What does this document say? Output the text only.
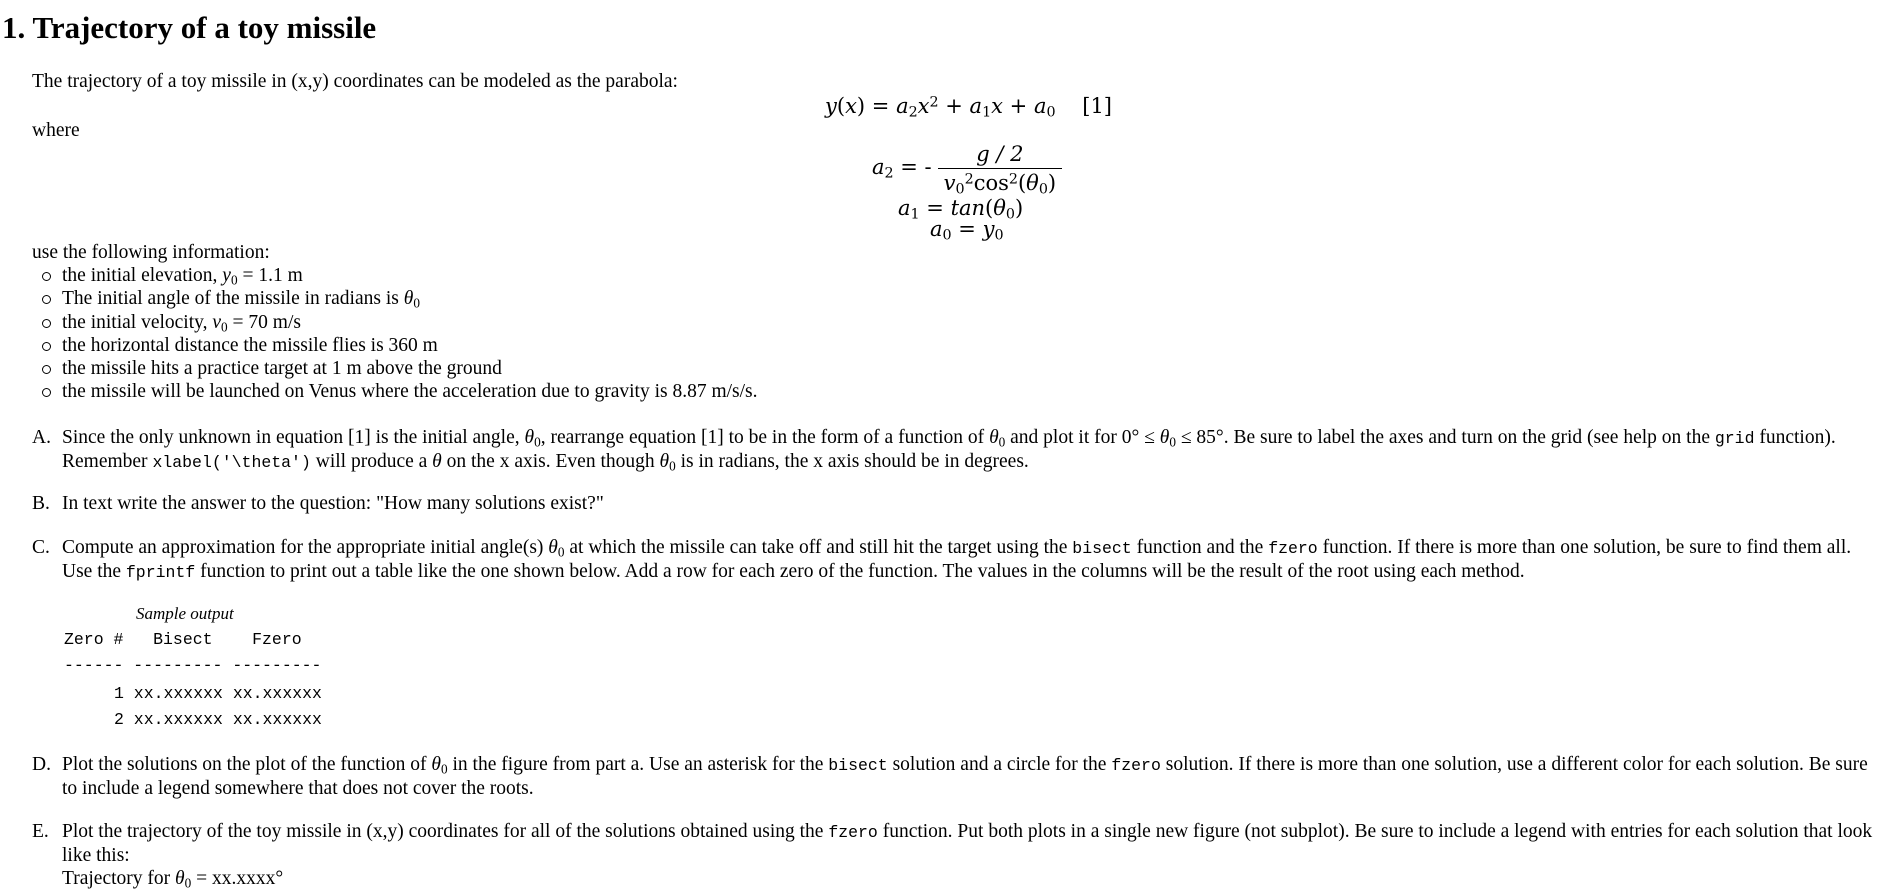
1. Trajectory of a toy missile
The trajectory of a toy missile in (x,y) coordinates can be modeled as the parabola:
where
$y(x) = a_2x^2 + a_1x + a_0$ [1]
$a_2$ = - $\frac{g / 2}{v_0^2\cos^2(\theta_0)}$
$a_1 = \tan(\theta_0)$
$a_0 = y_0$
use the following information:
the initial elevation, $y_0 = 1.1$ m
The initial angle of the missile in radians is $\theta_0$
the initial velocity, $v_0 = 70$ m/s
the horizontal distance the missile flies is 360 m
the missile hits a practice target at 1 m above the ground
the missile will be launched on Venus where the acceleration due to gravity is 8.87 m/s/s.
A. Since the only unknown in equation [1] is the initial angle, $\theta_0$, rearrange equation [1] to be in the form of a function of $\theta_0$ and plot it for $0^\circ \le \theta_0 \le 85^\circ$. Be sure to label the axes and turn on the grid (see help on the grid function). Remember xlabel('\theta') will produce a θ on the x axis. Even though $\theta_0$ is in radians, the x axis should be in degrees.
B. In text write the answer to the question: "How many solutions exist?"
C. Compute an approximation for the appropriate initial angle(s) $\theta_0$ at which the missile can take off and still hit the target using the bisect function and the fzero function. If there is more than one solution, be sure to find them all. Use the fprintf function to print out a table like the one shown below. Add a row for each zero of the function. The values in the columns will be the result of the root using each method.
Sample output
Zero #   Bisect    Fzero
------ --------- ---------
1 xx.xxxxxx xx.xxxxxx
2 xx.xxxxxx xx.xxxxxx
D. Plot the solutions on the plot of the function of $\theta_0$ in the figure from part a. Use an asterisk for the bisect solution and a circle for the fzero solution. If there is more than one solution, use a different color for each solution. Be sure to include a legend somewhere that does not cover the roots.
E. Plot the trajectory of the toy missile in (x,y) coordinates for all of the solutions obtained using the fzero function. Put both plots in a single new figure (not subplot). Be sure to include a legend with entries for each solution that look like this:
Trajectory for $\theta_0$ = xx.xxxx°
